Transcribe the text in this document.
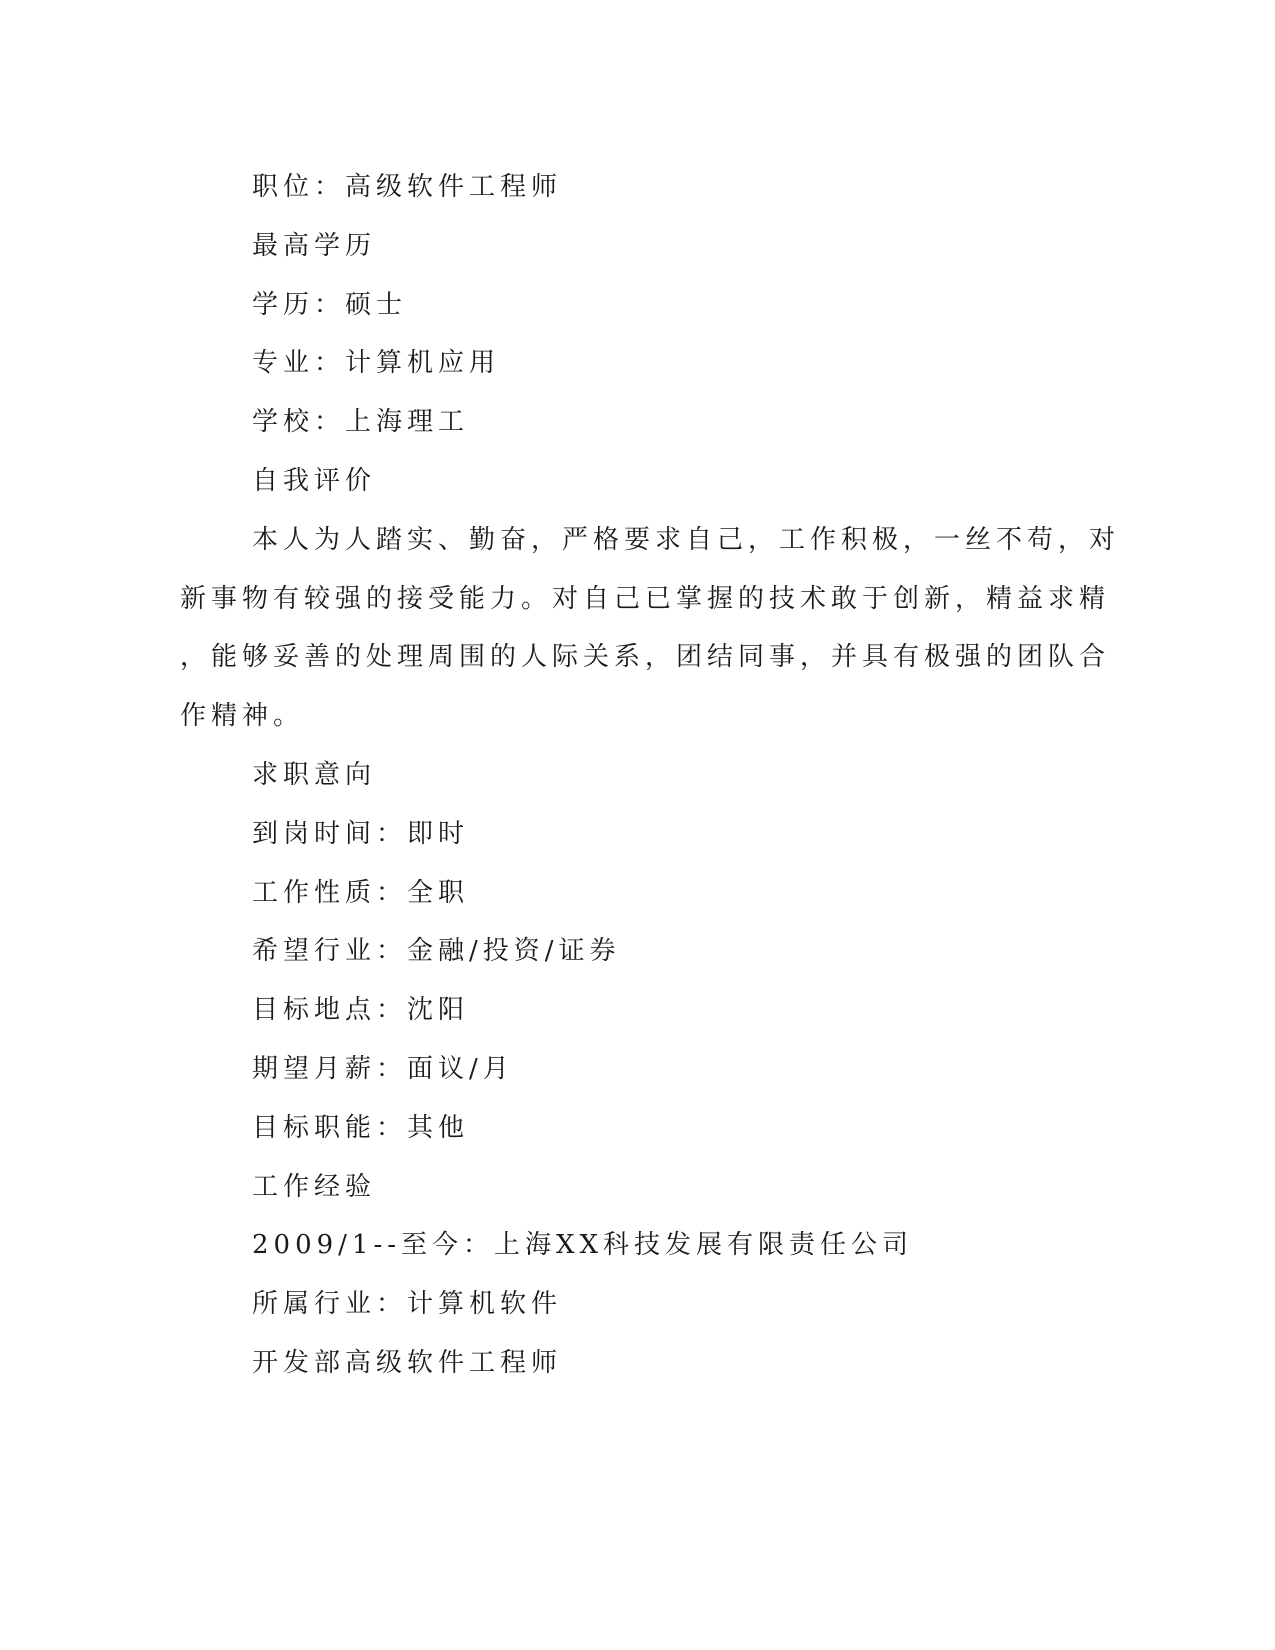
职位：高级软件工程师
最高学历
学历：硕士
专业：计算机应用
学校：上海理工
自我评价
本人为人踏实、勤奋，严格要求自己，工作积极，一丝不苟，对
新事物有较强的接受能力。对自己已掌握的技术敢于创新，精益求精
，能够妥善的处理周围的人际关系，团结同事，并具有极强的团队合
作精神。
求职意向
到岗时间：即时
工作性质：全职
希望行业：金融/投资/证券
目标地点：沈阳
期望月薪：面议/月
目标职能：其他
工作经验
2009/1--至今：上海XX科技发展有限责任公司
所属行业：计算机软件
开发部高级软件工程师
